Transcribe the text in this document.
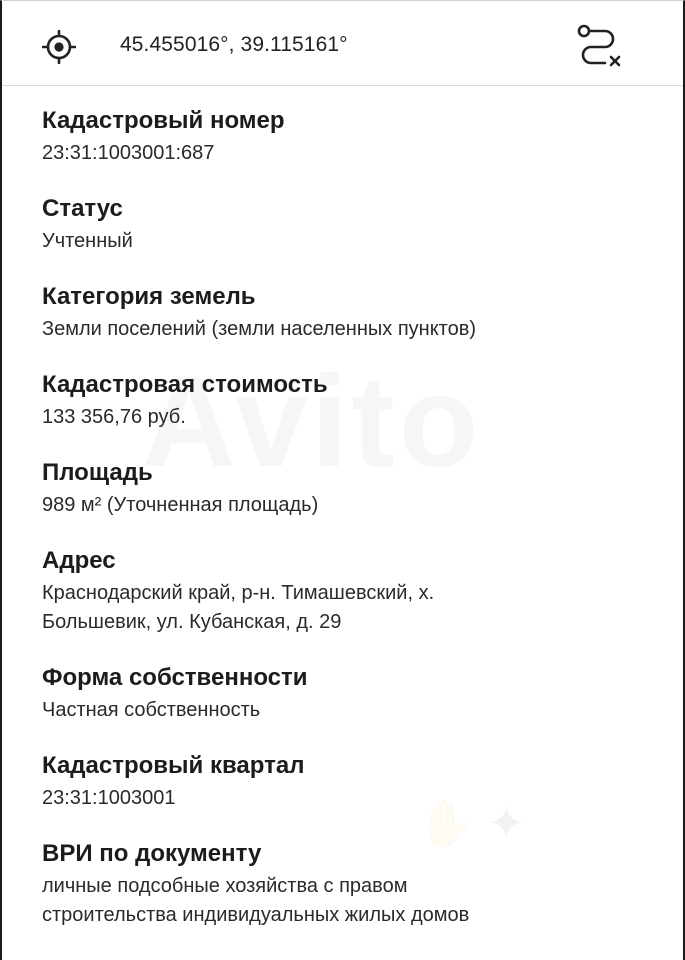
45.455016°, 39.115161°
✋ ✦
Кадастровый номер
23:31:1003001:687
Статус
Учтенный
Категория земель
Земли поселений (земли населенных пунктов)
Кадастровая стоимость
133 356,76 руб.
Площадь
989 м² (Уточненная площадь)
Адрес
Краснодарский край, р-н. Тимашевский, х.
Большевик, ул. Кубанская, д. 29
Форма собственности
Частная собственность
Кадастровый квартал
23:31:1003001
ВРИ по документу
личные подсобные хозяйства с правом
строительства индивидуальных жилых домов
